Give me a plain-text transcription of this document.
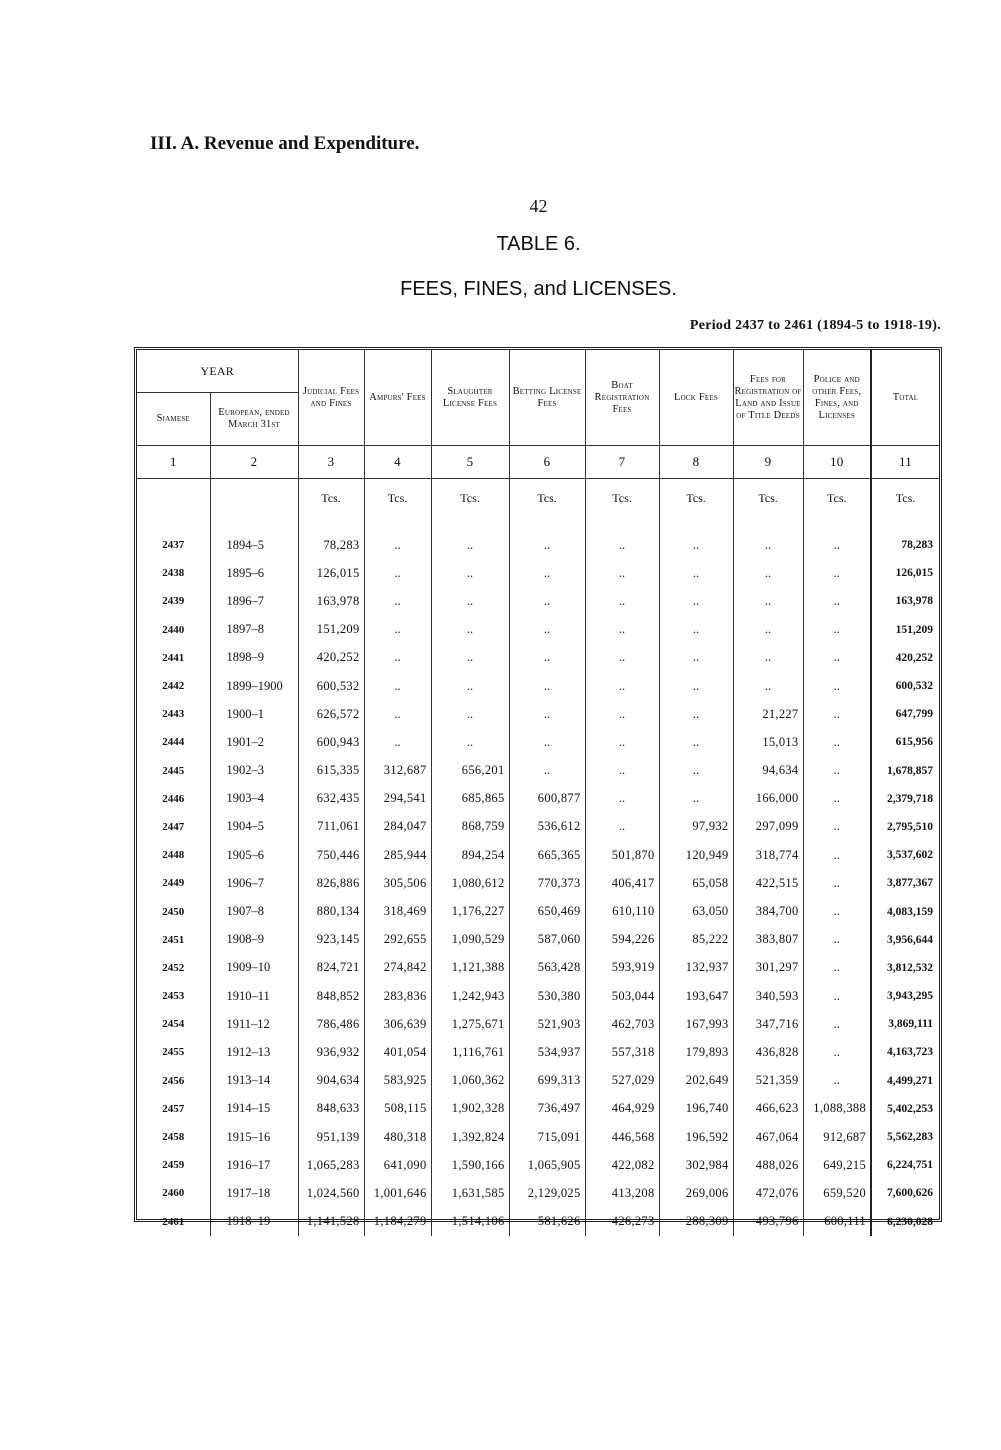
III. A. Revenue and Expenditure.
42
TABLE 6.
FEES, FINES, and LICENSES.
Period 2437 to 2461 (1894-5 to 1918-19).
YEAR		Judicial Fees and Fines	Ampurs' Fees	Slaughter License Fees	Betting License Fees	Boat Registration Fees	Lock Fees	Fees for Registration of Land and Issue of Title Deeds	Police and other Fees, Fines, and Licenses	Total
Siamese	European, ended March 31st									
1	2	3	4	5	6	7	8	9	10	11
		Tcs.	Tcs.	Tcs.	Tcs.	Tcs.	Tcs.	Tcs.	Tcs.	Tcs.
2437	1894–5	78,283	..	..	..	..	..	..	..	78,283
2438	1895–6	126,015	..	..	..	..	..	..	..	126,015
2439	1896–7	163,978	..	..	..	..	..	..	..	163,978
2440	1897–8	151,209	..	..	..	..	..	..	..	151,209
2441	1898–9	420,252	..	..	..	..	..	..	..	420,252
2442	1899–1900	600,532	..	..	..	..	..	..	..	600,532
2443	1900–1	626,572	..	..	..	..	..	21,227	..	647,799
2444	1901–2	600,943	..	..	..	..	..	15,013	..	615,956
2445	1902–3	615,335	312,687	656,201	..	..	..	94,634	..	1,678,857
2446	1903–4	632,435	294,541	685,865	600,877	..	..	166,000	..	2,379,718
2447	1904–5	711,061	284,047	868,759	536,612	..	97,932	297,099	..	2,795,510
2448	1905–6	750,446	285,944	894,254	665,365	501,870	120,949	318,774	..	3,537,602
2449	1906–7	826,886	305,506	1,080,612	770,373	406,417	65,058	422,515	..	3,877,367
2450	1907–8	880,134	318,469	1,176,227	650,469	610,110	63,050	384,700	..	4,083,159
2451	1908–9	923,145	292,655	1,090,529	587,060	594,226	85,222	383,807	..	3,956,644
2452	1909–10	824,721	274,842	1,121,388	563,428	593,919	132,937	301,297	..	3,812,532
2453	1910–11	848,852	283,836	1,242,943	530,380	503,044	193,647	340,593	..	3,943,295
2454	1911–12	786,486	306,639	1,275,671	521,903	462,703	167,993	347,716	..	3,869,111
2455	1912–13	936,932	401,054	1,116,761	534,937	557,318	179,893	436,828	..	4,163,723
2456	1913–14	904,634	583,925	1,060,362	699,313	527,029	202,649	521,359	..	4,499,271
2457	1914–15	848,633	508,115	1,902,328	736,497	464,929	196,740	466,623	1,088,388	5,402,253
2458	1915–16	951,139	480,318	1,392,824	715,091	446,568	196,592	467,064	912,687	5,562,283
2459	1916–17	1,065,283	641,090	1,590,166	1,065,905	422,082	302,984	488,026	649,215	6,224,751
2460	1917–18	1,024,560	1,001,646	1,631,585	2,129,025	413,208	269,006	472,076	659,520	7,600,626
2461	1918–19	1,141,528	1,184,279	1,514,106	581,626	426,273	288,309	493,796	600,111	6,230,028
